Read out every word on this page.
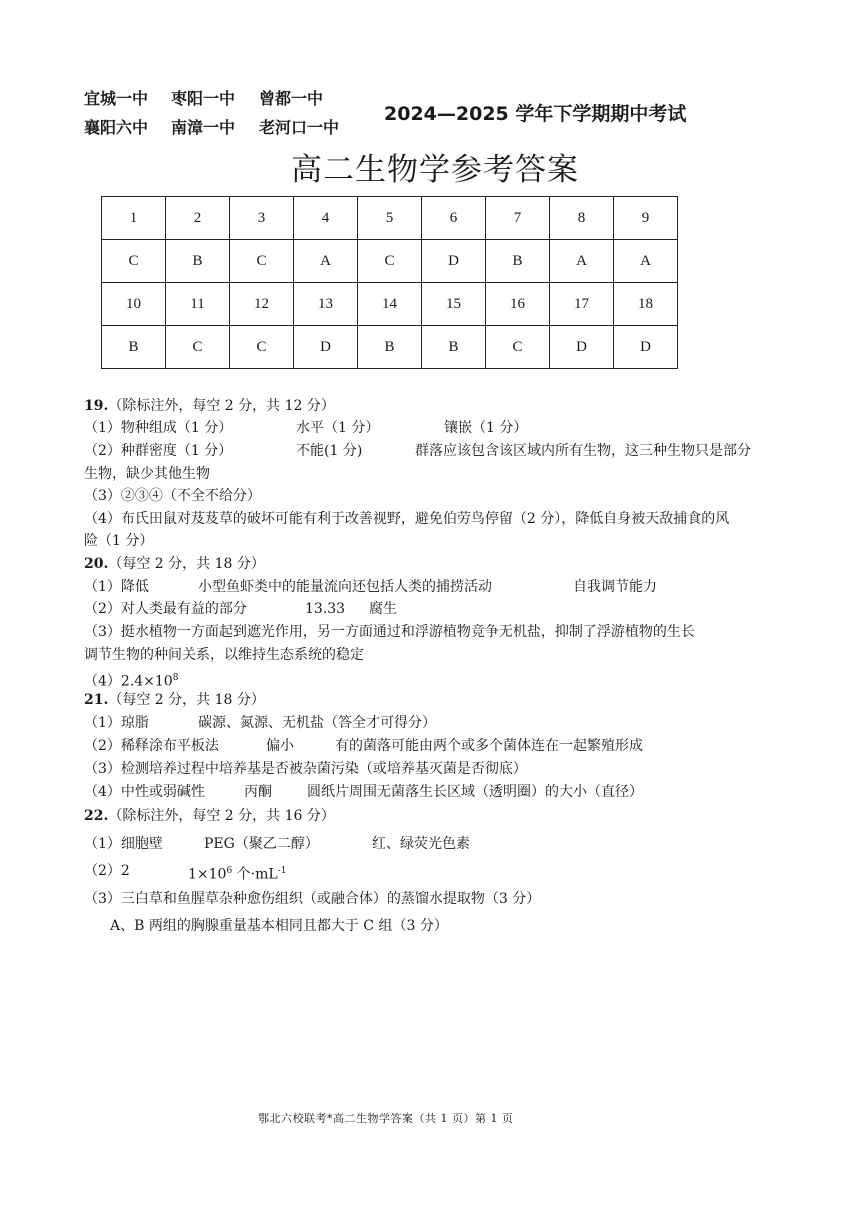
宜城一中 枣阳一中 曾都一中
襄阳六中 南漳一中 老河口一中
2024—2025 学年下学期期中考试
高二生物学参考答案
1	2	3	4	5	6	7	8	9
C	B	C	A	C	D	B	A	A
10	11	12	13	14	15	16	17	18
B	C	C	D	B	B	C	D	D
19.（除标注外，每空 2 分，共 12 分）
（1）物种组成（1 分）	水平（1 分）	镶嵌（1 分）
（2）种群密度（1 分）	不能(1 分)	群落应该包含该区域内所有生物，这三种生物只是部分
生物，缺少其他生物
（3）②③④（不全不给分）
（4）布氏田鼠对芨芨草的破坏可能有利于改善视野，避免伯劳鸟停留（2 分），降低自身被天敌捕食的风
险（1 分）
20.（每空 2 分，共 18 分）
（1）降低	小型鱼虾类中的能量流向还包括人类的捕捞活动	自我调节能力
（2）对人类最有益的部分	13.33 腐生
（3）挺水植物一方面起到遮光作用，另一方面通过和浮游植物竞争无机盐，抑制了浮游植物的生长
调节生物的种间关系，以维持生态系统的稳定
$(4)2.4\times 10^8$
21.（每空 2 分，共 18 分）
（1）琼脂	碳源、氮源、无机盐（答全才可得分）
（2）稀释涂布平板法	偏小	有的菌落可能由两个或多个菌体连在一起繁殖形成
（3）检测培养过程中培养基是否被杂菌污染（或培养基灭菌是否彻底）
（4）中性或弱碱性	丙酮	圆纸片周围无菌落生长区域（透明圈）的大小（直径）
22.（除标注外，每空 2 分，共 16 分）
（1）细胞壁	PEG（聚乙二醇）	红、绿荧光色素
（2）2	$1\times 10^6$ 个$\cdot mL^{-1}$
（3）三白草和鱼腥草杂种愈伤组织（或融合体）的蒸馏水提取物（3 分）
A、B 两组的胸腺重量基本相同且都大于 C 组（3 分）
鄂北六校联考*高二生物学答案（共 1 页）第 1 页
